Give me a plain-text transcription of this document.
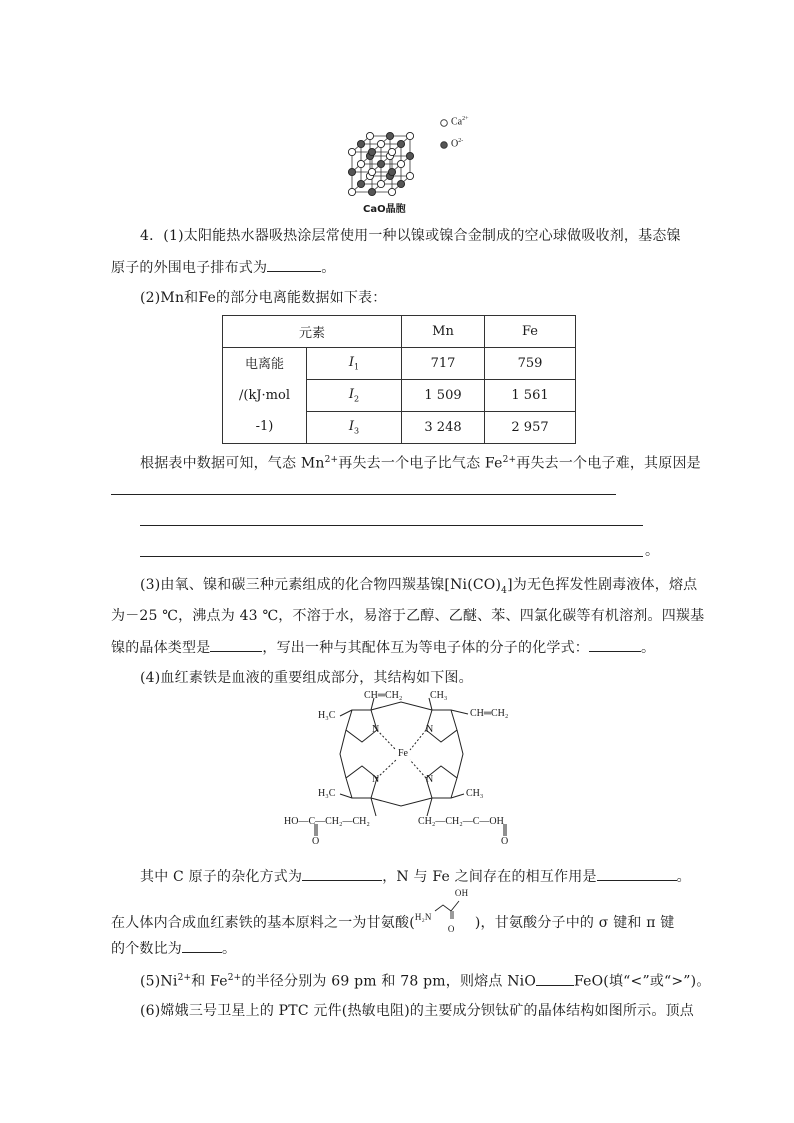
$Ca^{2+}$
$O^{2-}$
CaO晶胞
4．(1)太阳能热水器吸热涂层常使用一种以镍或镍合金制成的空心球做吸收剂，基态镍
原子的外围电子排布式为	。
(2)Mn和Fe的部分电离能数据如下表：
元素		Mn	Fe

电离能
/(kJ·mol
-1)	$I_1$	717	759
	$I_2$	1 509	1 561
	$I_3$	3 248	2 957
根据表中数据可知，气态 $Mn^{2+}$再失去一个电子比气态 $Fe^{2+}$再失去一个电子难，其原因是
。
(3)由氧、镍和碳三种元素组成的化合物四羰基镍$[Ni(CO)_4]$为无色挥发性剧毒液体，熔点
为－25 ℃，沸点为 43 ℃，不溶于水，易溶于乙醇、乙醚、苯、四氯化碳等有机溶剂。四羰基
镍的晶体类型是	，写出一种与其配体互为等电子体的分子的化学式：	。
(4)血红素铁是血液的重要组成部分，其结构如下图。
CH═CH₂	CH₃
H₃C	CH═CH₂
N	N
Fe
N	N
H₃C	CH₃
HO—C—CH₂—CH₂	CH₂—CH₂—C—OH
O	O
其中 C 原子的杂化方式为	，N 与 Fe 之间存在的相互作用是	。
在人体内合成血红素铁的基本原料之一为甘氨酸(
OH
H₂N
O )，甘氨酸分子中的 σ 键和 π 键
的个数比为	。
$(5)Ni^{2+}$和 $Fe^{2+}$的半径分别为 69 pm 和 78 pm，则熔点 NiO	FeO(填“<”或“>”)。
(6)嫦娥三号卫星上的 PTC 元件(热敏电阻)的主要成分钡钛矿的晶体结构如图所示。顶点
